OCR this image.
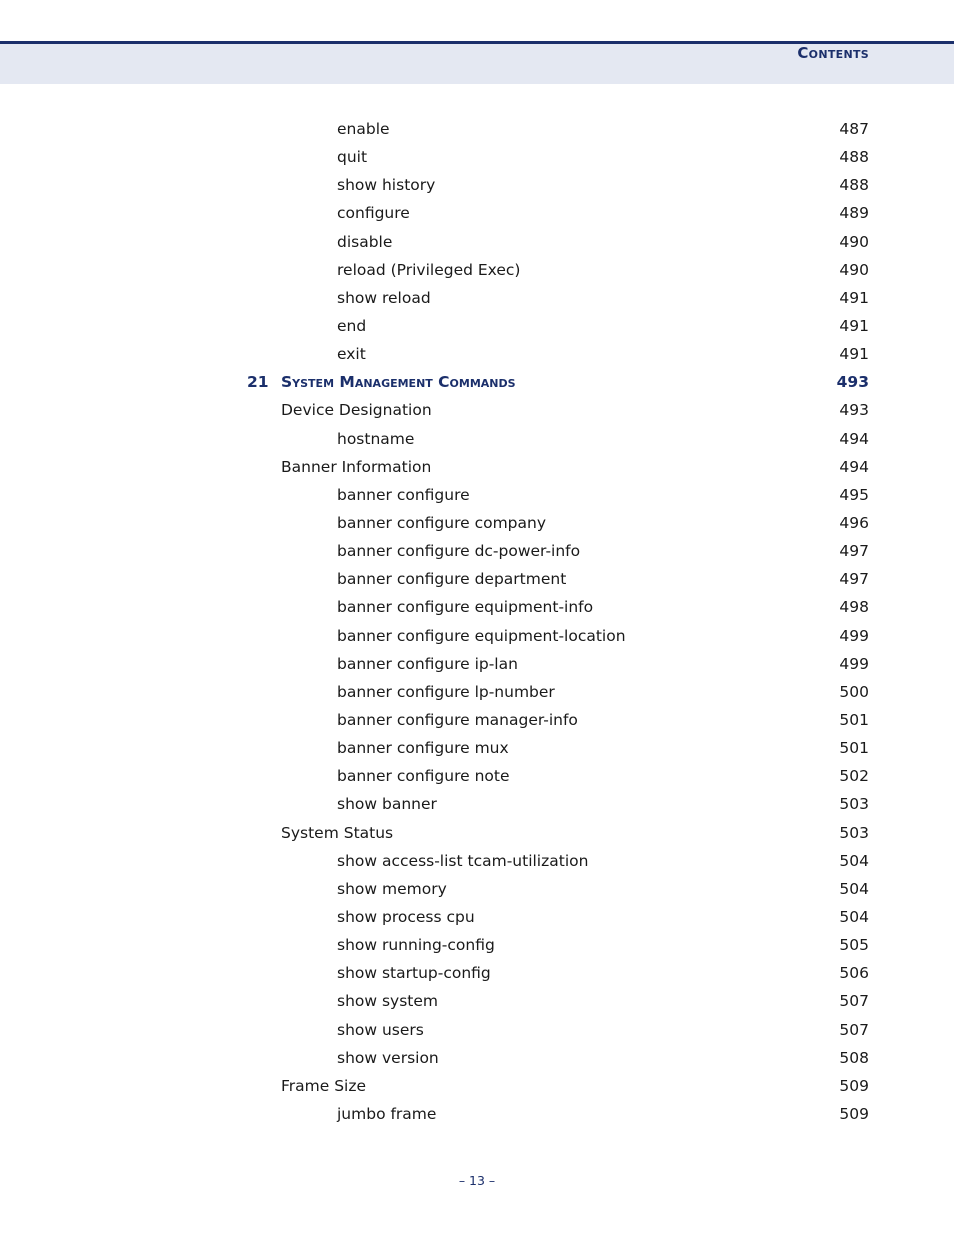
Contents
enable	487
quit	488
show history	488
configure	489
disable	490
reload (Privileged Exec)	490
show reload	491
end	491
exit	491
21 System Management Commands	493
Device Designation	493
hostname	494
Banner Information	494
banner configure	495
banner configure company	496
banner configure dc-power-info	497
banner configure department	497
banner configure equipment-info	498
banner configure equipment-location	499
banner configure ip-lan	499
banner configure lp-number	500
banner configure manager-info	501
banner configure mux	501
banner configure note	502
show banner	503
System Status	503
show access-list tcam-utilization	504
show memory	504
show process cpu	504
show running-config	505
show startup-config	506
show system	507
show users	507
show version	508
Frame Size	509
jumbo frame	509
– 13 –
